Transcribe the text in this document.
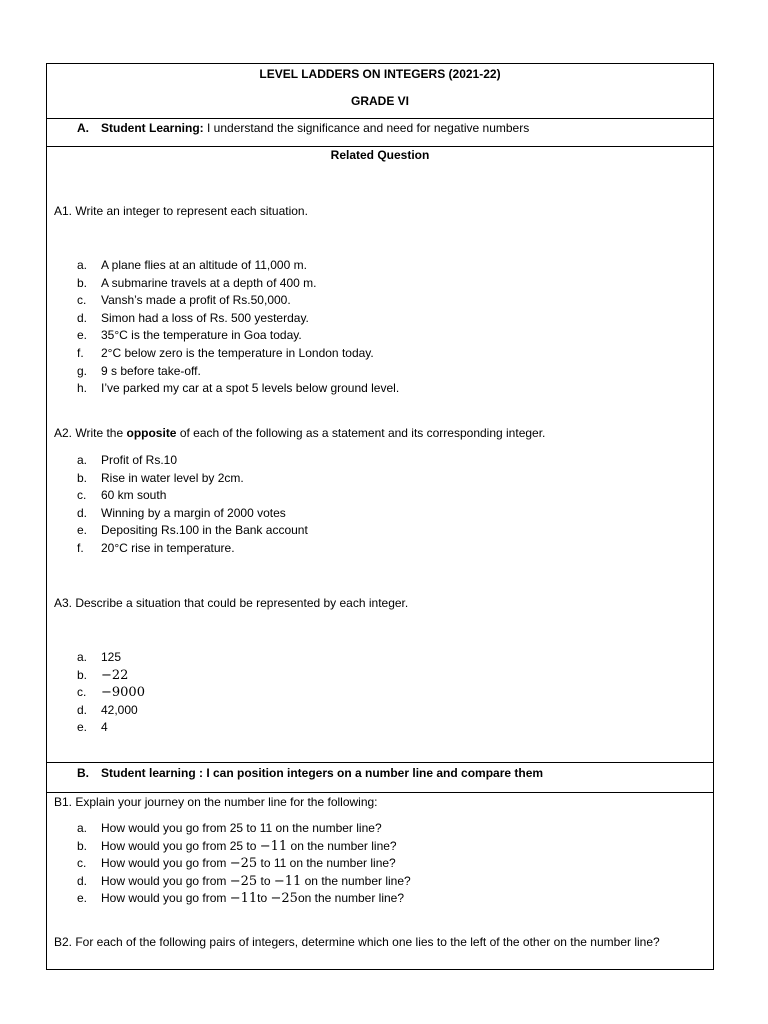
LEVEL LADDERS ON INTEGERS (2021-22)
GRADE VI
A. Student Learning: I understand the significance and need for negative numbers
Related Question
A1. Write an integer to represent each situation.
a. A plane flies at an altitude of 11,000 m.
b. A submarine travels at a depth of 400 m.
c. Vansh’s made a profit of Rs.50,000.
d. Simon had a loss of Rs. 500 yesterday.
e. 35°C is the temperature in Goa today.
f. 2°C below zero is the temperature in London today.
g. 9 s before take-off.
h. I’ve parked my car at a spot 5 levels below ground level.
A2. Write the opposite of each of the following as a statement and its corresponding integer.
a. Profit of Rs.10
b. Rise in water level by 2cm.
c. 60 km south
d. Winning by a margin of 2000 votes
e. Depositing Rs.100 in the Bank account
f. 20°C rise in temperature.
A3. Describe a situation that could be represented by each integer.
a. 125
b. −22
c. −9000
d. 42,000
e. 4
B. Student learning : I can position integers on a number line and compare them
B1. Explain your journey on the number line for the following:
a. How would you go from 25 to 11 on the number line?
b. How would you go from 25 to −11 on the number line?
c. How would you go from −25 to 11 on the number line?
d. How would you go from −25 to −11 on the number line?
e. How would you go from −11to −25on the number line?
B2. For each of the following pairs of integers, determine which one lies to the left of the other on the number line?
